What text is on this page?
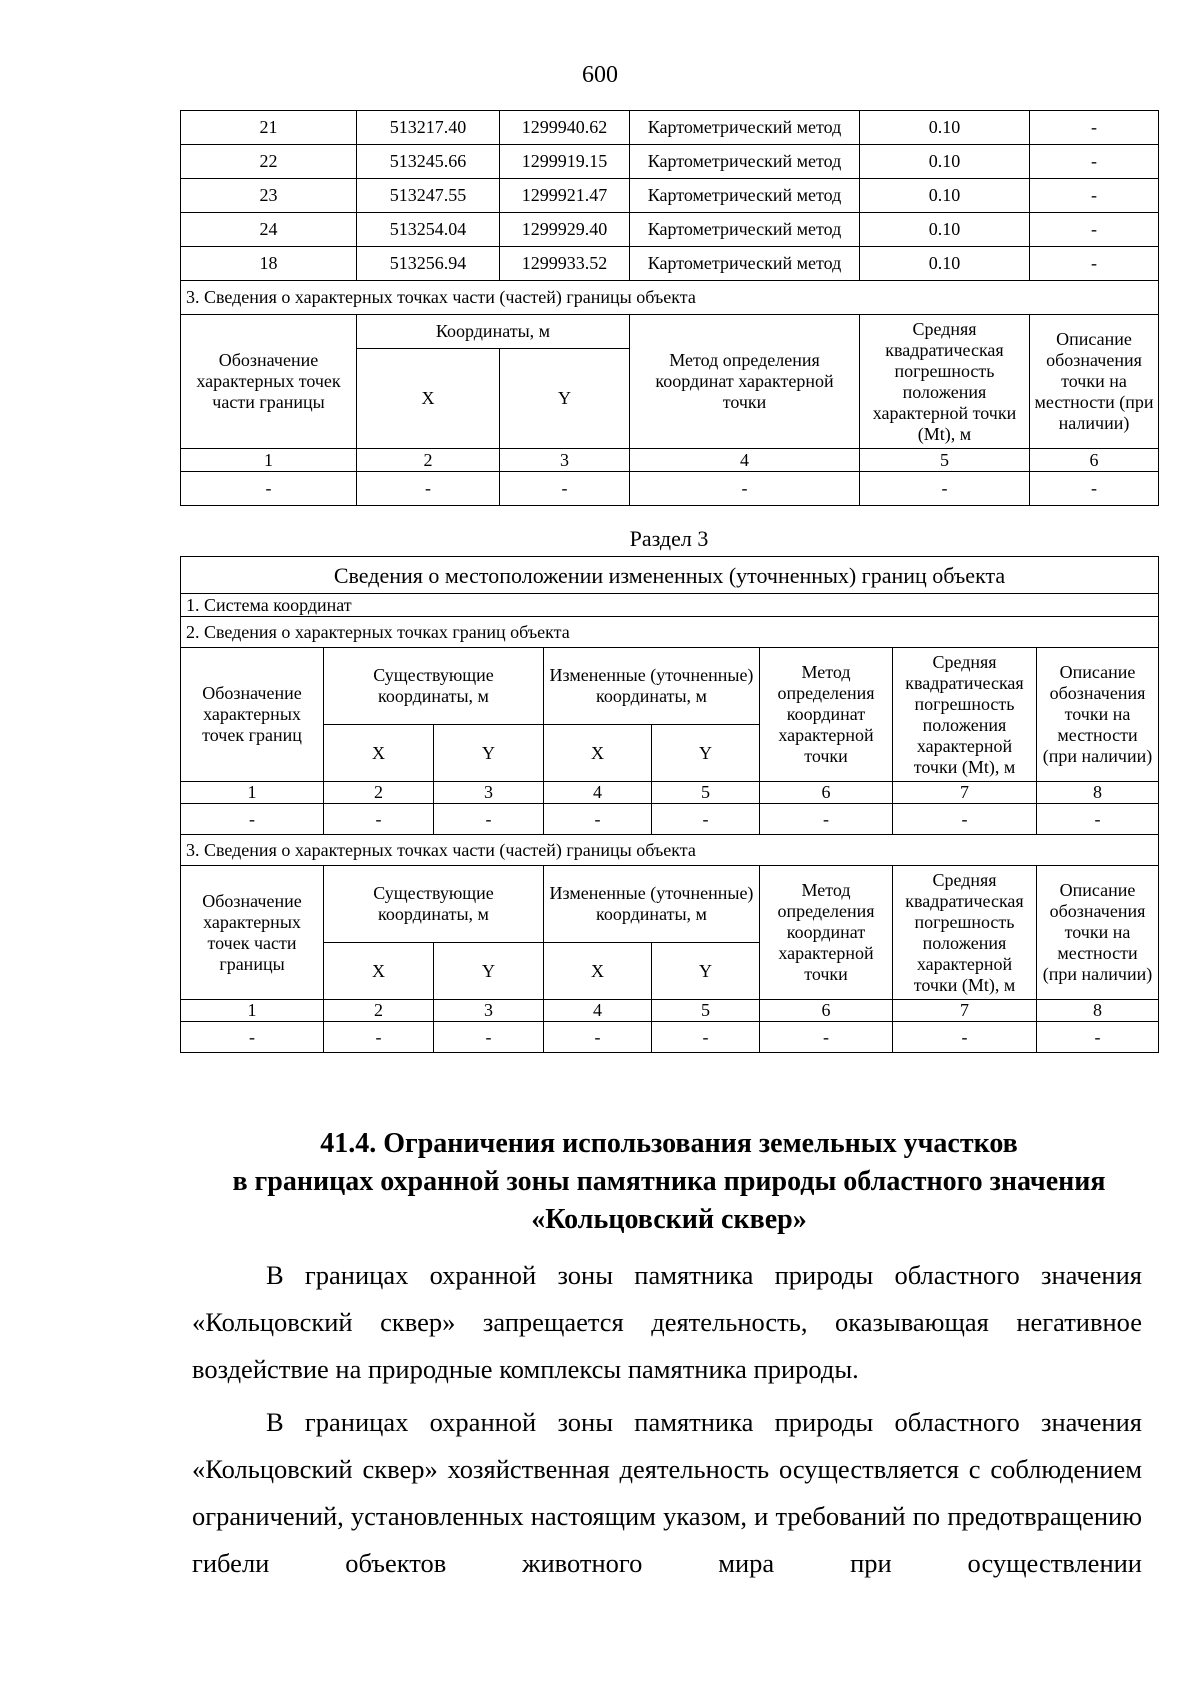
600

21	513217.40	1299940.62	Картометрический метод	0.10	-
22	513245.66	1299919.15	Картометрический метод	0.10	-
23	513247.55	1299921.47	Картометрический метод	0.10	-
24	513254.04	1299929.40	Картометрический метод	0.10	-
18	513256.94	1299933.52	Картометрический метод	0.10	-
3. Сведения о характерных точках части (частей) границы объекта					
Обозначение характерных точек части границы	Координаты, м		Метод определения координат характерной точки	Средняя квадратическая погрешность положения характерной точки (Mt), м	Описание обозначения точки на местности (при наличии)
	X	Y			
1	2	3	4	5	6
-	-	-	-	-	-
Раздел 3

Сведения о местоположении измененных (уточненных) границ объекта							
1. Система координат							
2. Сведения о характерных точках границ объекта							
Обозначение характерных точек границ	Существующие координаты, м		Измененные (уточненные) координаты, м		Метод определения координат характерной точки	Средняя квадратическая погрешность положения характерной точки (Mt), м	Описание обозначения точки на местности (при наличии)
	X	Y	X	Y			
1	2	3	4	5	6	7	8
-	-	-	-	-	-	-	-
3. Сведения о характерных точках части (частей) границы объекта							
Обозначение характерных точек части границы	Существующие координаты, м		Измененные (уточненные) координаты, м		Метод определения координат характерной точки	Средняя квадратическая погрешность положения характерной точки (Mt), м	Описание обозначения точки на местности (при наличии)
	X	Y	X	Y			
1	2	3	4	5	6	7	8
-	-	-	-	-	-	-	-
41.4. Ограничения использования земельных участков
в границах охранной зоны памятника природы областного значения
«Кольцовский сквер»

В границах охранной зоны памятника природы областного значения «Кольцовский сквер» запрещается деятельность, оказывающая негативное воздействие на природные комплексы памятника природы.

В границах охранной зоны памятника природы областного значения «Кольцовский сквер» хозяйственная деятельность осуществляется с соблюдением ограничений, установленных настоящим указом, и требований по предотвращению гибели объектов животного мира при осуществлении
